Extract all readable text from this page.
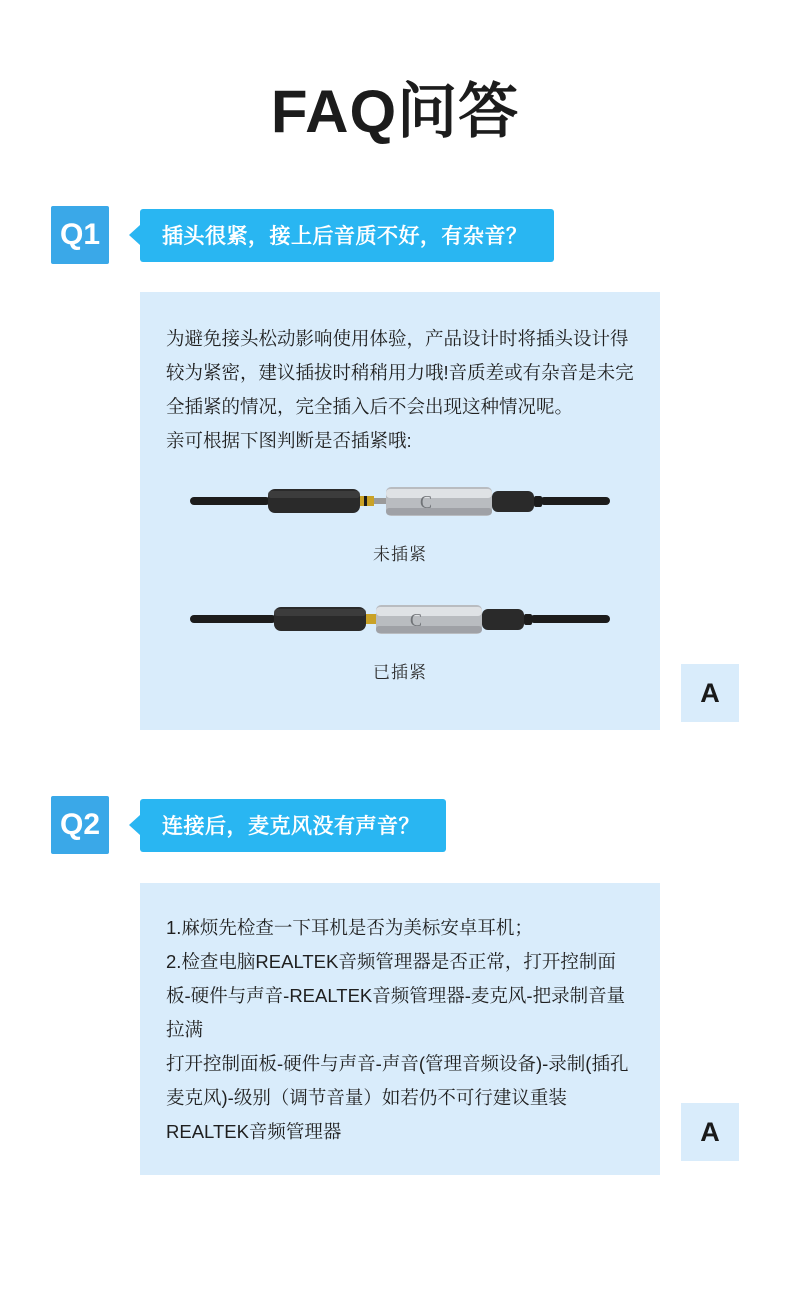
FAQ问答
Q1	插头很紧，接上后音质不好，有杂音？

为避免接头松动影响使用体验，产品设计时将插头设计得较为紧密，建议插拔时稍稍用力哦!音质差或有杂音是未完全插紧的情况，完全插入后不会出现这种情况呢。

亲可根据下图判断是否插紧哦:

C
未插紧
C
已插紧
A
Q2	连接后，麦克风没有声音？

1.麻烦先检查一下耳机是否为美标安卓耳机；

2.检查电脑REALTEK音频管理器是否正常，打开控制面板-硬件与声音-REALTEK音频管理器-麦克风-把录制音量拉满

打开控制面板-硬件与声音-声音(管理音频设备)-录制(插孔麦克风)-级别（调节音量）如若仍不可行建议重装REALTEK音频管理器	A
